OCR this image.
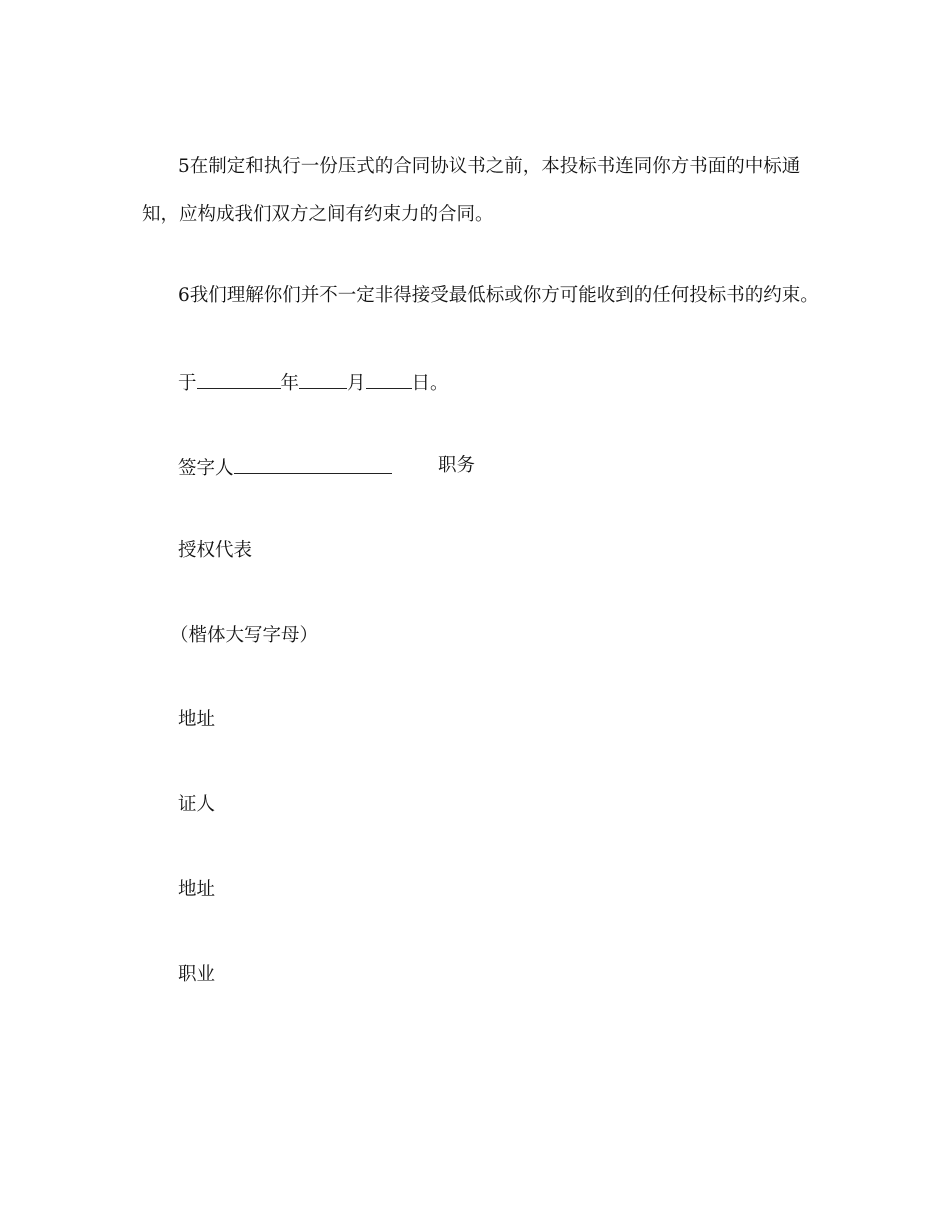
5在制定和执行一份压式的合同协议书之前，本投标书连同你方书面的中标通
知，应构成我们双方之间有约束力的合同。
6我们理解你们并不一定非得接受最低标或你方可能收到的任何投标书的约束。
于	年	月 日。
签字人	职务
授权代表
（楷体大写字母）
地址
证人
地址
职业
